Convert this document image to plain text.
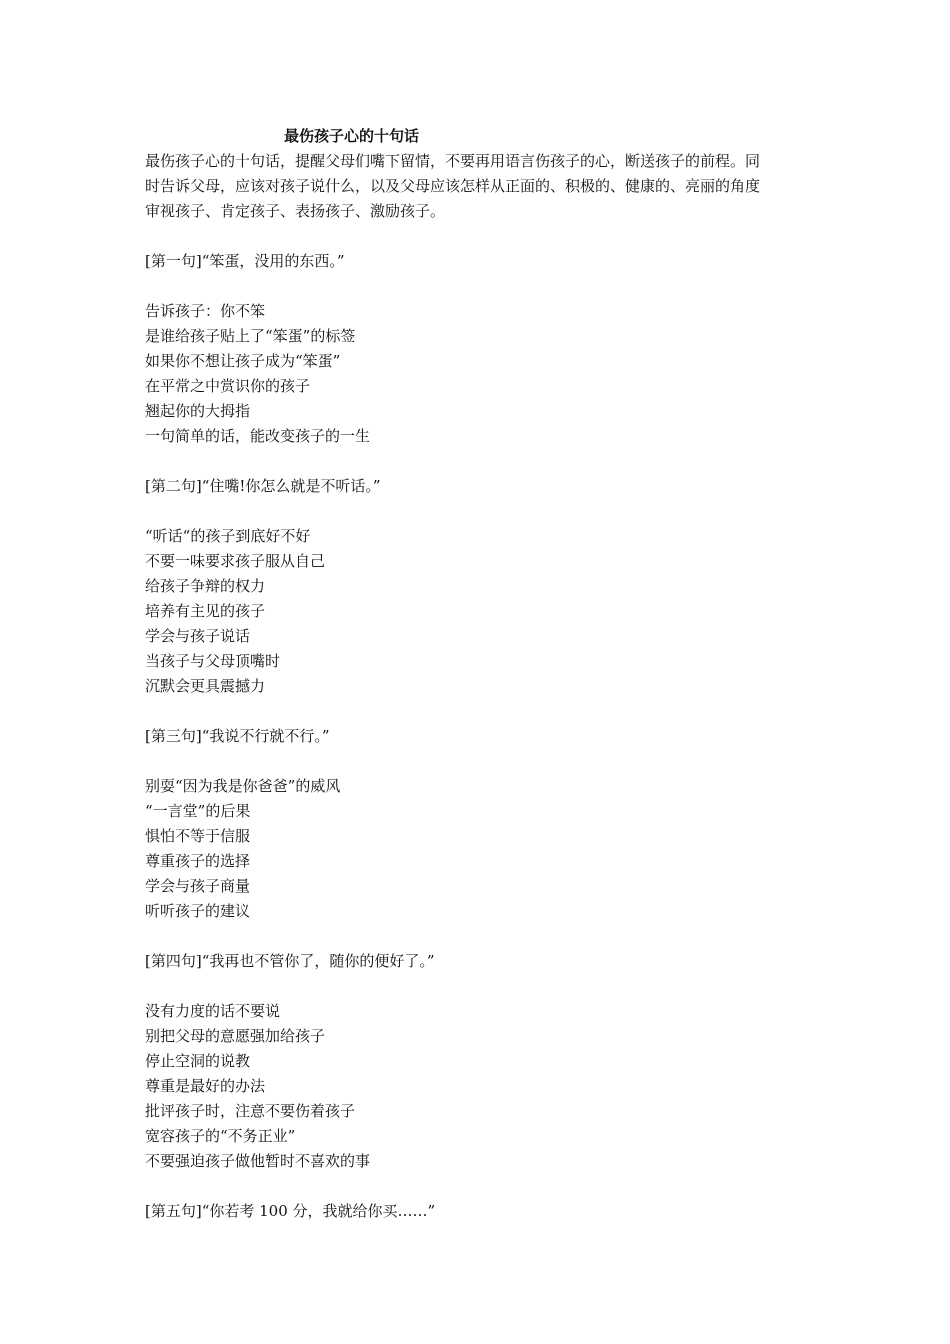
最伤孩子心的十句话
最伤孩子心的十句话，提醒父母们嘴下留情，不要再用语言伤孩子的心，断送孩子的前程。同
时告诉父母，应该对孩子说什么，以及父母应该怎样从正面的、积极的、健康的、亮丽的角度
审视孩子、肯定孩子、表扬孩子、激励孩子。
[第一句]“笨蛋，没用的东西。”
告诉孩子：你不笨
是谁给孩子贴上了“笨蛋”的标签
如果你不想让孩子成为“笨蛋”
在平常之中赏识你的孩子
翘起你的大拇指
一句简单的话，能改变孩子的一生
[第二句]“住嘴!你怎么就是不听话。”
“听话“的孩子到底好不好
不要一味要求孩子服从自己
给孩子争辩的权力
培养有主见的孩子
学会与孩子说话
当孩子与父母顶嘴时
沉默会更具震撼力
[第三句]“我说不行就不行。”
别耍“因为我是你爸爸”的威风
“一言堂”的后果
惧怕不等于信服
尊重孩子的选择
学会与孩子商量
听听孩子的建议
[第四句]“我再也不管你了，随你的便好了。”
没有力度的话不要说
别把父母的意愿强加给孩子
停止空洞的说教
尊重是最好的办法
批评孩子时，注意不要伤着孩子
宽容孩子的“不务正业”
不要强迫孩子做他暂时不喜欢的事
[第五句]“你若考 100 分，我就给你买……”
